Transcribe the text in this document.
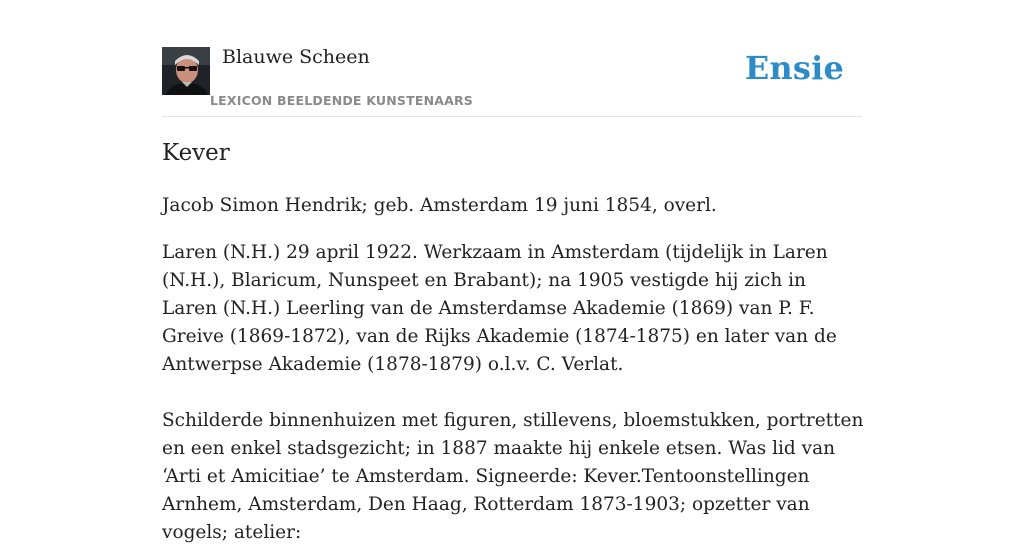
Blauwe Scheen
LEXICON BEELDENDE KUNSTENAARS
Ensie
Kever

Jacob Simon Hendrik; geb. Amsterdam 19 juni 1854, overl.

Laren (N.H.) 29 april 1922. Werkzaam in Amsterdam (tijdelijk in Laren (N.H.), Blaricum, Nunspeet en Brabant); na 1905 vestigde hij zich in Laren (N.H.) Leerling van de Amsterdamse Akademie (1869) van P. F. Greive (1869-1872), van de Rijks Akademie (1874-1875) en later van de Antwerpse Akademie (1878-1879) o.l.v. C. Verlat.

Schilderde binnenhuizen met figuren, stillevens, bloemstukken, portretten en een enkel stadsgezicht; in 1887 maakte hij enkele etsen. Was lid van ‘Arti et Amicitiae’ te Amsterdam. Signeerde: Kever.Tentoonstellingen Arnhem, Amsterdam, Den Haag, Rotterdam 1873-1903; opzetter van vogels; atelier:
